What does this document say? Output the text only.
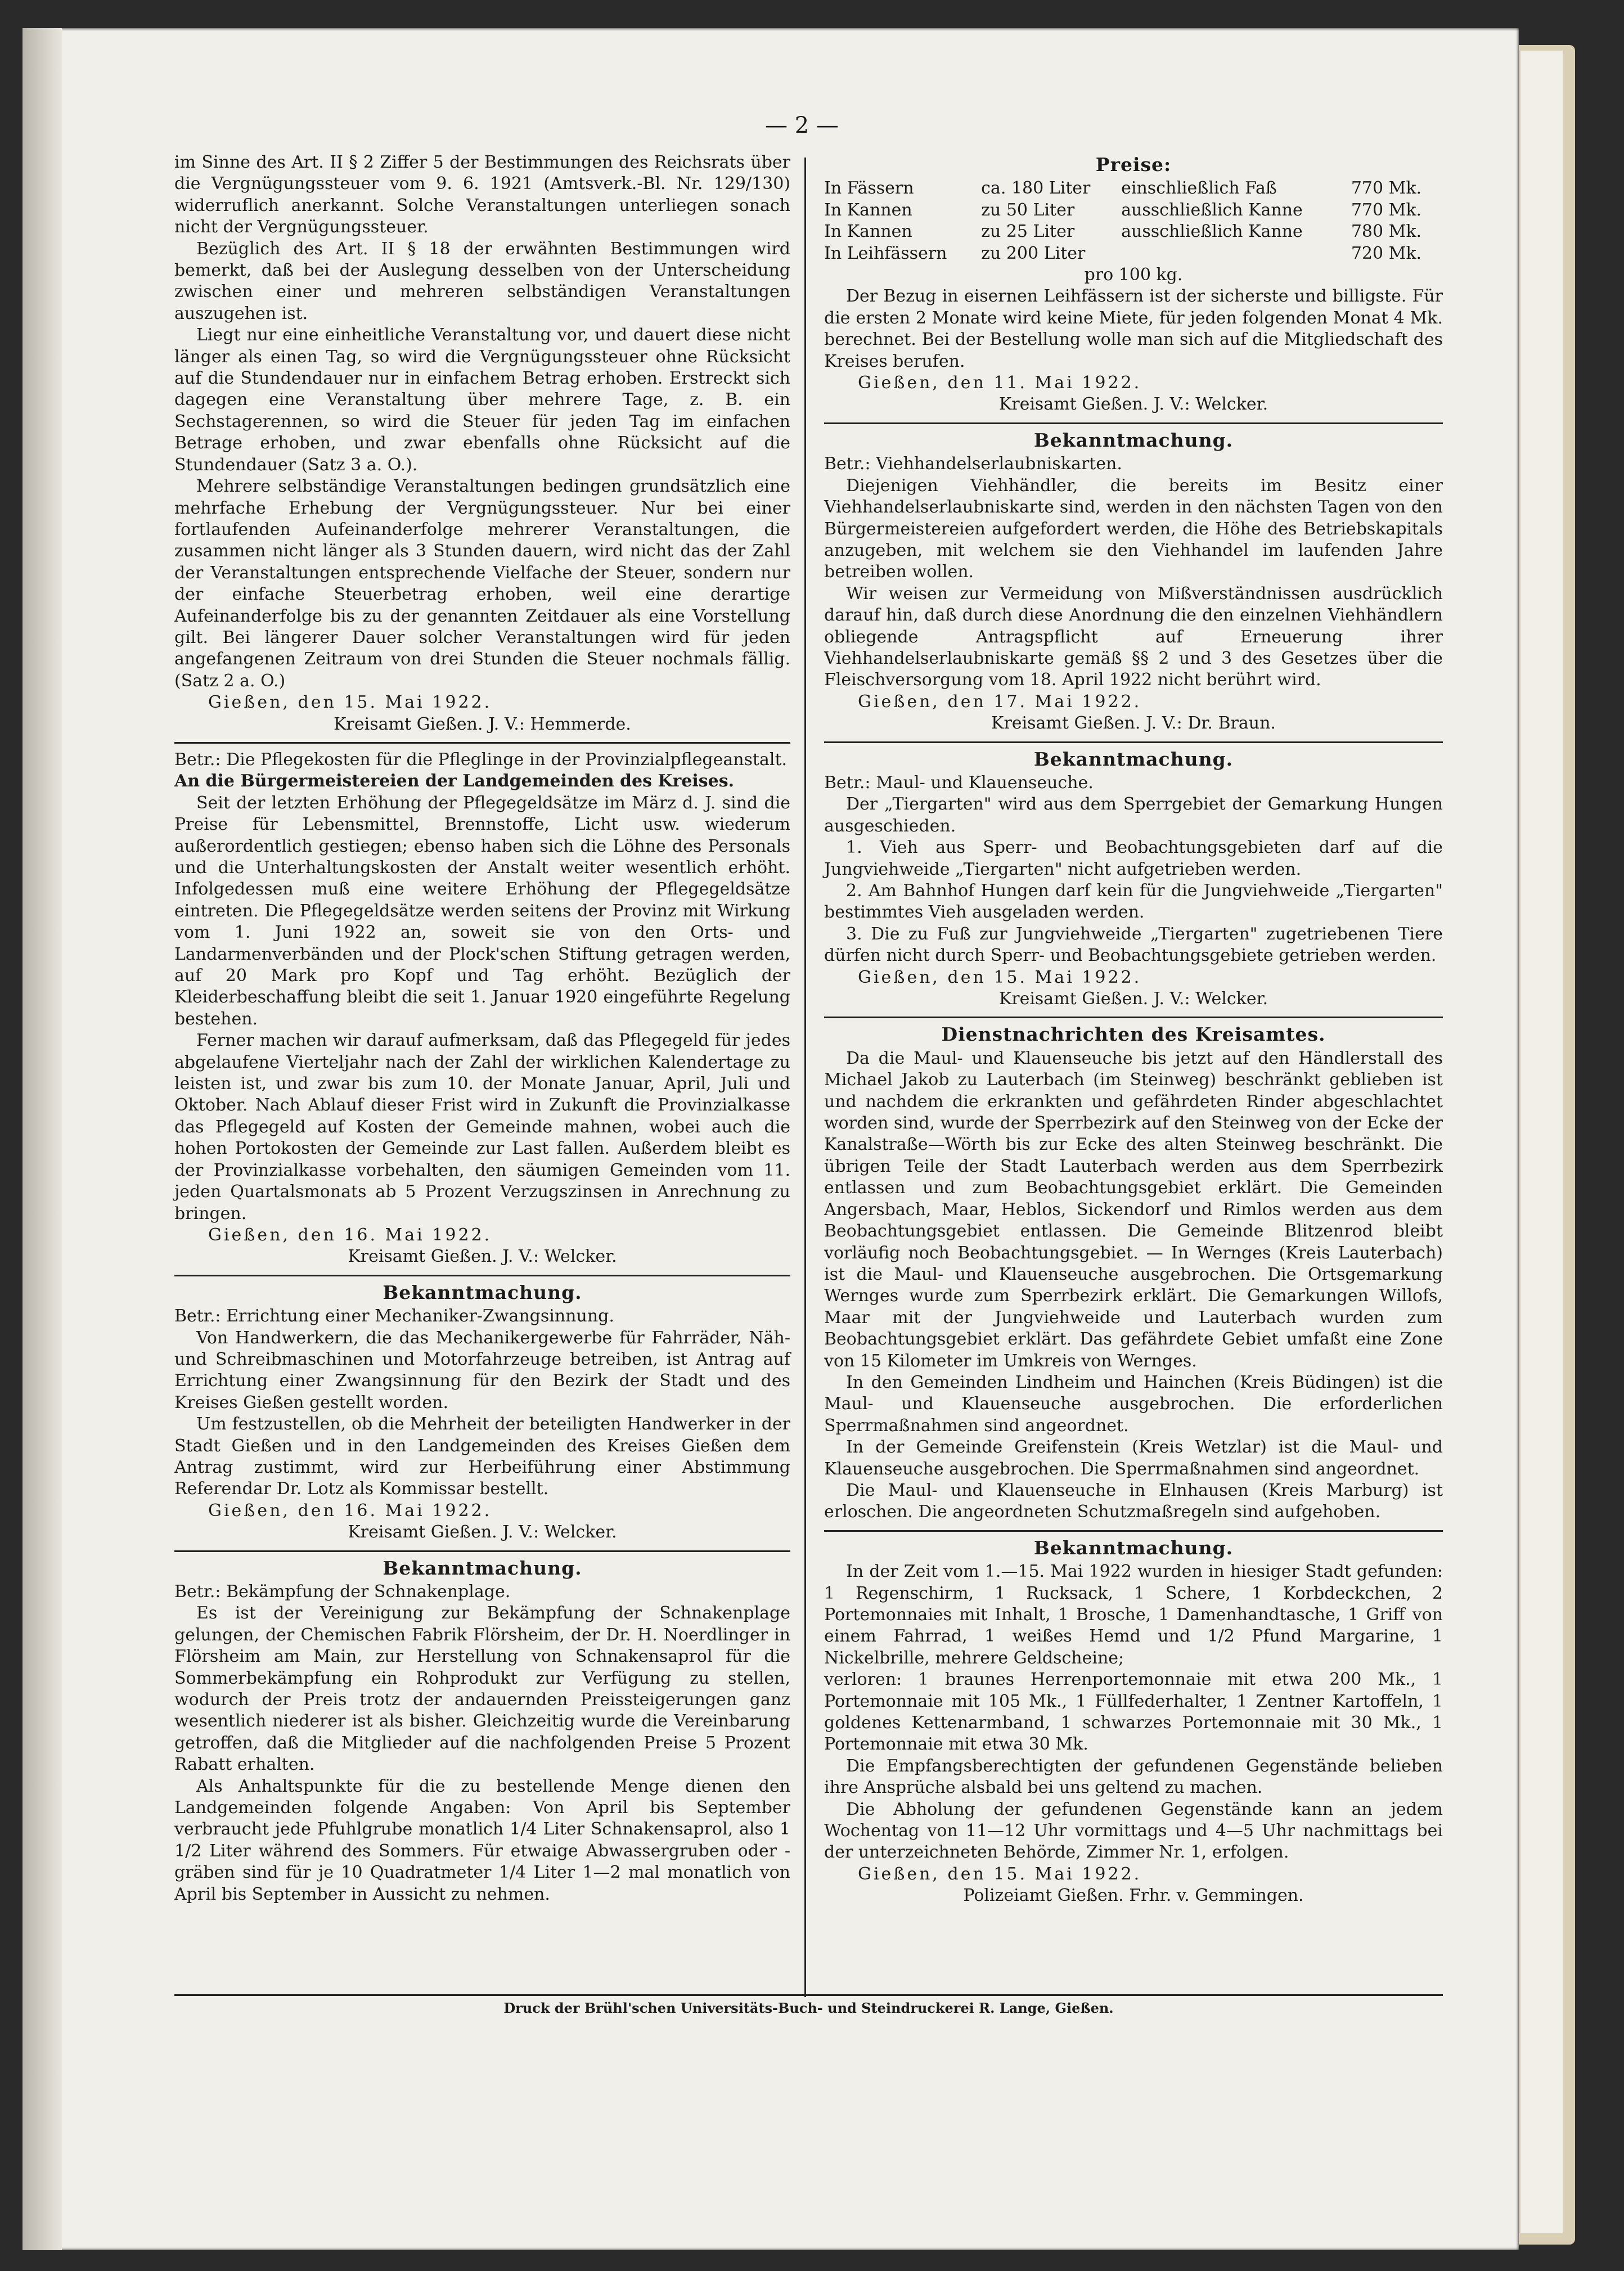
— 2 —

im Sinne des Art. II § 2 Ziffer 5 der Bestimmungen des Reichsrats über die Vergnügungssteuer vom 9. 6. 1921 (Amtsverk.-Bl. Nr. 129/130) widerruflich anerkannt. Solche Veranstaltungen unterliegen sonach nicht der Vergnügungssteuer.

Bezüglich des Art. II § 18 der erwähnten Bestimmungen wird bemerkt, daß bei der Auslegung desselben von der Unterscheidung zwischen einer und mehreren selbständigen Veranstaltungen auszugehen ist.

Liegt nur eine einheitliche Veranstaltung vor, und dauert diese nicht länger als einen Tag, so wird die Vergnügungssteuer ohne Rücksicht auf die Stundendauer nur in einfachem Betrag erhoben. Erstreckt sich dagegen eine Veranstaltung über mehrere Tage, z. B. ein Sechstagerennen, so wird die Steuer für jeden Tag im einfachen Betrage erhoben, und zwar ebenfalls ohne Rücksicht auf die Stundendauer (Satz 3 a. O.).

Mehrere selbständige Veranstaltungen bedingen grundsätzlich eine mehrfache Erhebung der Vergnügungssteuer. Nur bei einer fortlaufenden Aufeinanderfolge mehrerer Veranstaltungen, die zusammen nicht länger als 3 Stunden dauern, wird nicht das der Zahl der Veranstaltungen entsprechende Vielfache der Steuer, sondern nur der einfache Steuerbetrag erhoben, weil eine derartige Aufeinanderfolge bis zu der genannten Zeitdauer als eine Vorstellung gilt. Bei längerer Dauer solcher Veranstaltungen wird für jeden angefangenen Zeitraum von drei Stunden die Steuer nochmals fällig. (Satz 2 a. O.)

Gießen, den 15. Mai 1922.

Kreisamt Gießen. J. V.: Hemmerde.

Betr.: Die Pflegekosten für die Pfleglinge in der Provinzialpflegeanstalt.

An die Bürgermeistereien der Landgemeinden des Kreises.

Seit der letzten Erhöhung der Pflegegeldsätze im März d. J. sind die Preise für Lebensmittel, Brennstoffe, Licht usw. wiederum außerordentlich gestiegen; ebenso haben sich die Löhne des Personals und die Unterhaltungskosten der Anstalt weiter wesentlich erhöht. Infolgedessen muß eine weitere Erhöhung der Pflegegeldsätze eintreten. Die Pflegegeldsätze werden seitens der Provinz mit Wirkung vom 1. Juni 1922 an, soweit sie von den Orts- und Landarmenverbänden und der Plock'schen Stiftung getragen werden, auf 20 Mark pro Kopf und Tag erhöht. Bezüglich der Kleiderbeschaffung bleibt die seit 1. Januar 1920 eingeführte Regelung bestehen.

Ferner machen wir darauf aufmerksam, daß das Pflegegeld für jedes abgelaufene Vierteljahr nach der Zahl der wirklichen Kalendertage zu leisten ist, und zwar bis zum 10. der Monate Januar, April, Juli und Oktober. Nach Ablauf dieser Frist wird in Zukunft die Provinzialkasse das Pflegegeld auf Kosten der Gemeinde mahnen, wobei auch die hohen Portokosten der Gemeinde zur Last fallen. Außerdem bleibt es der Provinzialkasse vorbehalten, den säumigen Gemeinden vom 11. jeden Quartalsmonats ab 5 Prozent Verzugszinsen in Anrechnung zu bringen.

Gießen, den 16. Mai 1922.

Kreisamt Gießen. J. V.: Welcker.

Bekanntmachung.

Betr.: Errichtung einer Mechaniker-Zwangsinnung.

Von Handwerkern, die das Mechanikergewerbe für Fahrräder, Näh- und Schreibmaschinen und Motorfahrzeuge betreiben, ist Antrag auf Errichtung einer Zwangsinnung für den Bezirk der Stadt und des Kreises Gießen gestellt worden.

Um festzustellen, ob die Mehrheit der beteiligten Handwerker in der Stadt Gießen und in den Landgemeinden des Kreises Gießen dem Antrag zustimmt, wird zur Herbeiführung einer Abstimmung Referendar Dr. Lotz als Kommissar bestellt.

Gießen, den 16. Mai 1922.

Kreisamt Gießen. J. V.: Welcker.

Bekanntmachung.

Betr.: Bekämpfung der Schnakenplage.

Es ist der Vereinigung zur Bekämpfung der Schnakenplage gelungen, der Chemischen Fabrik Flörsheim, der Dr. H. Noerdlinger in Flörsheim am Main, zur Herstellung von Schnakensaprol für die Sommerbekämpfung ein Rohprodukt zur Verfügung zu stellen, wodurch der Preis trotz der andauernden Preissteigerungen ganz wesentlich niederer ist als bisher. Gleichzeitig wurde die Vereinbarung getroffen, daß die Mitglieder auf die nachfolgenden Preise 5 Prozent Rabatt erhalten.

Als Anhaltspunkte für die zu bestellende Menge dienen den Landgemeinden folgende Angaben: Von April bis September verbraucht jede Pfuhlgrube monatlich 1/4 Liter Schnakensaprol, also 1 1/2 Liter während des Sommers. Für etwaige Abwassergruben oder -gräben sind für je 10 Quadratmeter 1/4 Liter 1—2 mal monatlich von April bis September in Aussicht zu nehmen.

Preise:

In Fässern	ca. 180 Liter	einschließlich Faß	770 Mk.
In Kannen	zu 50 Liter	ausschließlich Kanne	770 Mk.
In Kannen	zu 25 Liter	ausschließlich Kanne	780 Mk.
In Leihfässern	zu 200 Liter		720 Mk.

pro 100 kg.

Der Bezug in eisernen Leihfässern ist der sicherste und billigste. Für die ersten 2 Monate wird keine Miete, für jeden folgenden Monat 4 Mk. berechnet. Bei der Bestellung wolle man sich auf die Mitgliedschaft des Kreises berufen.

Gießen, den 11. Mai 1922.

Kreisamt Gießen. J. V.: Welcker.

Bekanntmachung.

Betr.: Viehhandelserlaubniskarten.

Diejenigen Viehhändler, die bereits im Besitz einer Viehhandelserlaubniskarte sind, werden in den nächsten Tagen von den Bürgermeistereien aufgefordert werden, die Höhe des Betriebskapitals anzugeben, mit welchem sie den Viehhandel im laufenden Jahre betreiben wollen.

Wir weisen zur Vermeidung von Mißverständnissen ausdrücklich darauf hin, daß durch diese Anordnung die den einzelnen Viehhändlern obliegende Antragspflicht auf Erneuerung ihrer Viehhandelserlaubniskarte gemäß §§ 2 und 3 des Gesetzes über die Fleischversorgung vom 18. April 1922 nicht berührt wird.

Gießen, den 17. Mai 1922.

Kreisamt Gießen. J. V.: Dr. Braun.

Bekanntmachung.

Betr.: Maul- und Klauenseuche.

Der „Tiergarten" wird aus dem Sperrgebiet der Gemarkung Hungen ausgeschieden.

1. Vieh aus Sperr- und Beobachtungsgebieten darf auf die Jungviehweide „Tiergarten" nicht aufgetrieben werden.

2. Am Bahnhof Hungen darf kein für die Jungviehweide „Tiergarten" bestimmtes Vieh ausgeladen werden.

3. Die zu Fuß zur Jungviehweide „Tiergarten" zugetriebenen Tiere dürfen nicht durch Sperr- und Beobachtungsgebiete getrieben werden.

Gießen, den 15. Mai 1922.

Kreisamt Gießen. J. V.: Welcker.

Dienstnachrichten des Kreisamtes.

Da die Maul- und Klauenseuche bis jetzt auf den Händlerstall des Michael Jakob zu Lauterbach (im Steinweg) beschränkt geblieben ist und nachdem die erkrankten und gefährdeten Rinder abgeschlachtet worden sind, wurde der Sperrbezirk auf den Steinweg von der Ecke der Kanalstraße—Wörth bis zur Ecke des alten Steinweg beschränkt. Die übrigen Teile der Stadt Lauterbach werden aus dem Sperrbezirk entlassen und zum Beobachtungsgebiet erklärt. Die Gemeinden Angersbach, Maar, Heblos, Sickendorf und Rimlos werden aus dem Beobachtungsgebiet entlassen. Die Gemeinde Blitzenrod bleibt vorläufig noch Beobachtungsgebiet. — In Wernges (Kreis Lauterbach) ist die Maul- und Klauenseuche ausgebrochen. Die Ortsgemarkung Wernges wurde zum Sperrbezirk erklärt. Die Gemarkungen Willofs, Maar mit der Jungviehweide und Lauterbach wurden zum Beobachtungsgebiet erklärt. Das gefährdete Gebiet umfaßt eine Zone von 15 Kilometer im Umkreis von Wernges.

In den Gemeinden Lindheim und Hainchen (Kreis Büdingen) ist die Maul- und Klauenseuche ausgebrochen. Die erforderlichen Sperrmaßnahmen sind angeordnet.

In der Gemeinde Greifenstein (Kreis Wetzlar) ist die Maul- und Klauenseuche ausgebrochen. Die Sperrmaßnahmen sind angeordnet.

Die Maul- und Klauenseuche in Elnhausen (Kreis Marburg) ist erloschen. Die angeordneten Schutzmaßregeln sind aufgehoben.

Bekanntmachung.

In der Zeit vom 1.—15. Mai 1922 wurden in hiesiger Stadt gefunden: 1 Regenschirm, 1 Rucksack, 1 Schere, 1 Korbdeckchen, 2 Portemonnaies mit Inhalt, 1 Brosche, 1 Damenhandtasche, 1 Griff von einem Fahrrad, 1 weißes Hemd und 1/2 Pfund Margarine, 1 Nickelbrille, mehrere Geldscheine;

verloren: 1 braunes Herrenportemonnaie mit etwa 200 Mk., 1 Portemonnaie mit 105 Mk., 1 Füllfederhalter, 1 Zentner Kartoffeln, 1 goldenes Kettenarmband, 1 schwarzes Portemonnaie mit 30 Mk., 1 Portemonnaie mit etwa 30 Mk.

Die Empfangsberechtigten der gefundenen Gegenstände belieben ihre Ansprüche alsbald bei uns geltend zu machen.

Die Abholung der gefundenen Gegenstände kann an jedem Wochentag von 11—12 Uhr vormittags und 4—5 Uhr nachmittags bei der unterzeichneten Behörde, Zimmer Nr. 1, erfolgen.

Gießen, den 15. Mai 1922.

Polizeiamt Gießen. Frhr. v. Gemmingen.

Druck der Brühl'schen Universitäts-Buch- und Steindruckerei R. Lange, Gießen.
